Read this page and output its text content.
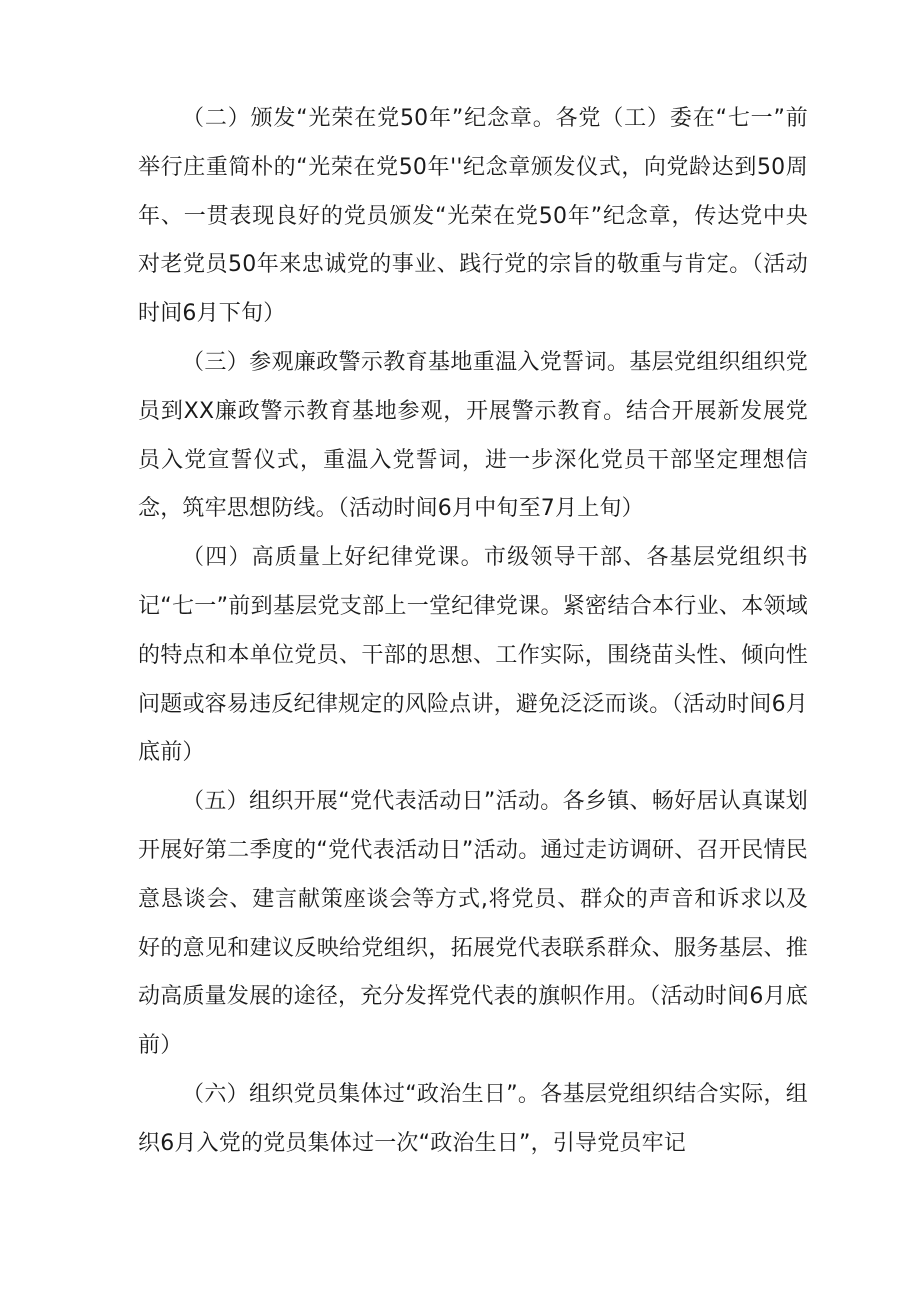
（二）颁发“光荣在党50年”纪念章。各党（工）委在“七一”前举行庄重简朴的“光荣在党50年''纪念章颁发仪式，向党龄达到50周年、一贯表现良好的党员颁发“光荣在党50年”纪念章，传达党中央对老党员50年来忠诚党的事业、践行党的宗旨的敬重与肯定。（活动时间6月下旬）

（三）参观廉政警示教育基地重温入党誓词。基层党组织组织党员到XX廉政警示教育基地参观，开展警示教育。结合开展新发展党员入党宣誓仪式，重温入党誓词，进一步深化党员干部坚定理想信念，筑牢思想防线。（活动时间6月中旬至7月上旬）

（四）高质量上好纪律党课。市级领导干部、各基层党组织书记“七一”前到基层党支部上一堂纪律党课。紧密结合本行业、本领域的特点和本单位党员、干部的思想、工作实际，围绕苗头性、倾向性问题或容易违反纪律规定的风险点讲，避免泛泛而谈。（活动时间6月底前）

（五）组织开展“党代表活动日”活动。各乡镇、畅好居认真谋划开展好第二季度的“党代表活动日”活动。通过走访调研、召开民情民意恳谈会、建言献策座谈会等方式,将党员、群众的声音和诉求以及好的意见和建议反映给党组织，拓展党代表联系群众、服务基层、推动高质量发展的途径，充分发挥党代表的旗帜作用。（活动时间6月底前）

（六）组织党员集体过“政治生日”。各基层党组织结合实际，组织6月入党的党员集体过一次“政治生日”，引导党员牢记
